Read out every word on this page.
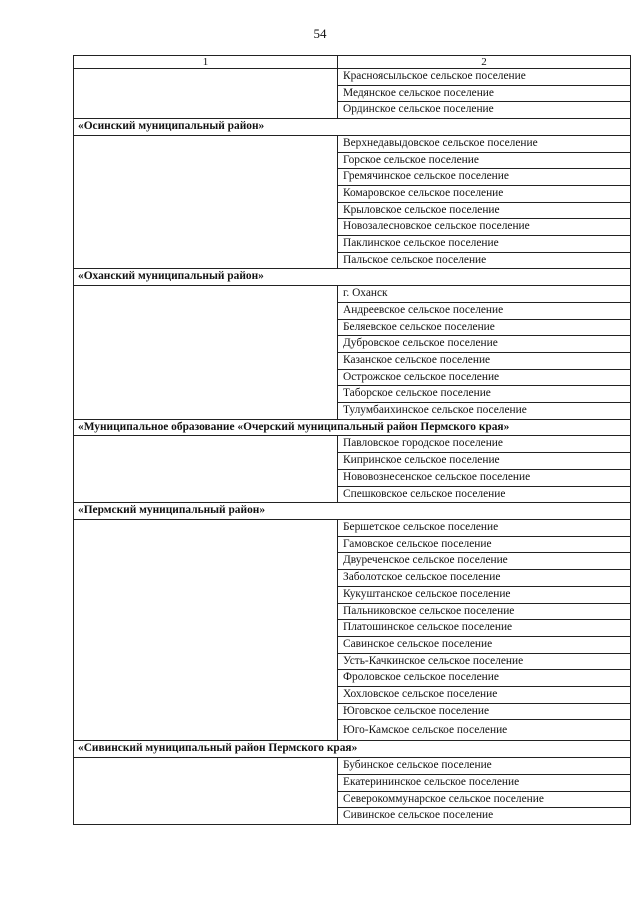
54
1	2
	Красноясыльское сельское поселение
	Медянское сельское поселение
	Ординское сельское поселение
«Осинский муниципальный район»	
	Верхнедавыдовское сельское поселение
	Горское сельское поселение
	Гремячинское сельское поселение
	Комаровское сельское поселение
	Крыловское сельское поселение
	Новозалесновское сельское поселение
	Паклинское сельское поселение
	Пальское сельское поселение
«Оханский муниципальный район»	
	г. Оханск
	Андреевское сельское поселение
	Беляевское сельское поселение
	Дубровское сельское поселение
	Казанское сельское поселение
	Острожское сельское поселение
	Таборское сельское поселение
	Тулумбаихинское сельское поселение
«Муниципальное образование «Очерский муниципальный район Пермского края»	
	Павловское городское поселение
	Кипринское сельское поселение
	Нововознесенское сельское поселение
	Спешковское сельское поселение
«Пермский муниципальный район»	
	Бершетское сельское поселение
	Гамовское сельское поселение
	Двуреченское сельское поселение
	Заболотское сельское поселение
	Кукуштанское сельское поселение
	Пальниковское сельское поселение
	Платошинское сельское поселение
	Савинское сельское поселение
	Усть-Качкинское сельское поселение
	Фроловское сельское поселение
	Хохловское сельское поселение
	Юговское сельское поселение
	Юго-Камское сельское поселение
«Сивинский муниципальный район Пермского края»	
	Бубинское сельское поселение
	Екатерининское сельское поселение
	Северокоммунарское сельское поселение
	Сивинское сельское поселение
